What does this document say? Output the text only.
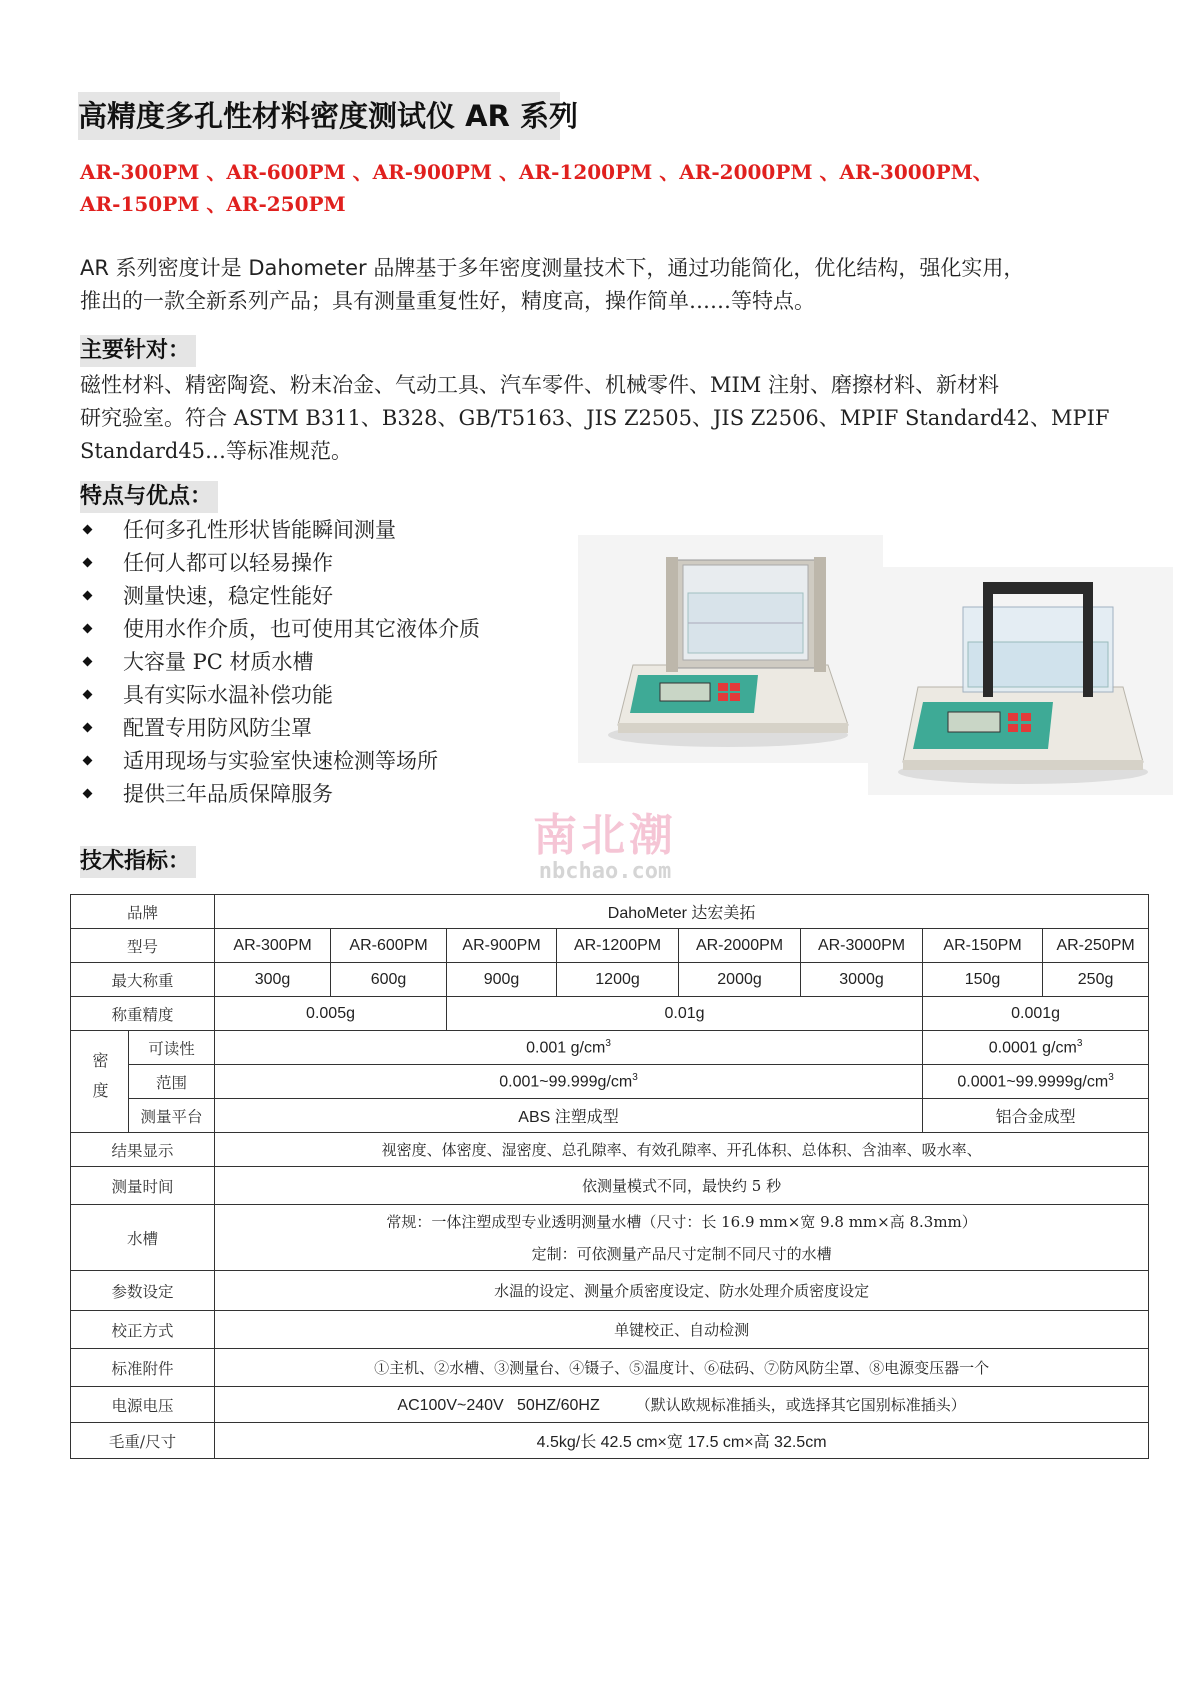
高精度多孔性材料密度测试仪 AR 系列
AR-300PM 、AR-600PM 、AR-900PM 、AR-1200PM 、AR-2000PM 、AR-3000PM、
AR-150PM 、AR-250PM
AR 系列密度计是 Dahometer 品牌基于多年密度测量技术下，通过功能简化，优化结构，强化实用，
推出的一款全新系列产品；具有测量重复性好，精度高，操作简单……等特点。
主要针对：
磁性材料、精密陶瓷、粉末冶金、气动工具、汽车零件、机械零件、MIM 注射、磨擦材料、新材料
研究验室。符合 ASTM B311、B328、GB/T5163、JIS Z2505、JIS Z2506、MPIF Standard42、MPIF
Standard45…等标准规范。
特点与优点：
任何多孔性形状皆能瞬间测量
任何人都可以轻易操作
测量快速，稳定性能好
使用水作介质，也可使用其它液体介质
大容量 PC 材质水槽
具有实际水温补偿功能
配置专用防风防尘罩
适用现场与实验室快速检测等场所
提供三年品质保障服务
技术指标：
南北潮
nbchao.com
品牌		DahoMeter 达宏美拓							
型号		AR-300PM	AR-600PM	AR-900PM	AR-1200PM	AR-2000PM	AR-3000PM	AR-150PM	AR-250PM
最大称重		300g	600g	900g	1200g	2000g	3000g	150g	250g
称重精度		0.005g		0.01g				0.001g	
密度	可读性	0.001 $g/cm^3$						0.0001 $g/cm^3$
	范围	$0.001\sim 99.999g/cm^3$						$0.0001\sim 99.9999g/cm^3$
	测量平台	ABS 注塑成型						铝合金成型	
结果显示		视密度、体密度、湿密度、总孔隙率、有效孔隙率、开孔体积、总体积、含油率、吸水率、							
测量时间		依测量模式不同，最快约 5 秒							
水槽		常规：一体注塑成型专业透明测量水槽（尺寸：长 16.9 mm×宽 9.8 mm×高 8.3mm）
定制：可依测量产品尺寸定制不同尺寸的水槽							

参数设定		水温的设定、测量介质密度设定、防水处理介质密度设定							
校正方式		单键校正、自动检测							
标准附件		①主机、②水槽、③测量台、④镊子、⑤温度计、⑥砝码、⑦防风防尘罩、⑧电源变压器一个							
电源电压		AC100V~240V   50HZ/60HZ （默认欧规标准插头，或选择其它国别标准插头）							
毛重/尺寸		4.5kg/长 42.5 cm×宽 17.5 cm×高 32.5cm							
